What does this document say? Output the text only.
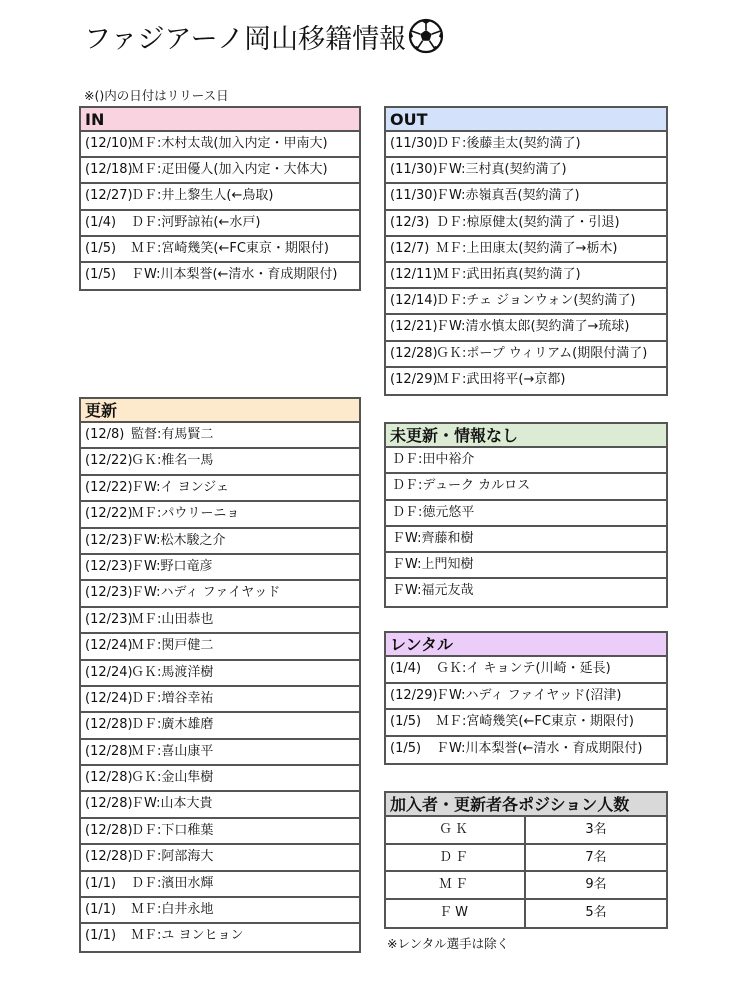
ファジアーノ岡山移籍情報
※()内の日付はリリース日
IN
(12/10)ＭＦ:木村太哉(加入内定・甲南大)
(12/18)ＭＦ:疋田優人(加入内定・大体大)
(12/27)ＤＦ:井上黎生人(←鳥取)
(1/4) ＤＦ:河野諒祐(←水戸)
(1/5) ＭＦ:宮崎幾笑(←FC東京・期限付)
(1/5) ＦW:川本梨誉(←清水・育成期限付)
OUT
(11/30)ＤＦ:後藤圭太(契約満了)
(11/30)ＦW:三村真(契約満了)
(11/30)ＦW:赤嶺真吾(契約満了)
(12/3) ＤＦ:椋原健太(契約満了・引退)
(12/7) ＭＦ:上田康太(契約満了→栃木)
(12/11)ＭＦ:武田拓真(契約満了)
(12/14)ＤＦ:チェ ジョンウォン(契約満了)
(12/21)ＦW:清水慎太郎(契約満了→琉球)
(12/28)ＧＫ:ポープ ウィリアム(期限付満了)
(12/29)ＭＦ:武田将平(→京都)
更新
(12/8) 監督:有馬賢二
(12/22)ＧＫ:椎名一馬
(12/22)ＦW:イ ヨンジェ
(12/22)ＭＦ:パウリーニョ
(12/23)ＦW:松木駿之介
(12/23)ＦW:野口竜彦
(12/23)ＦW:ハディ ファイヤッド
(12/23)ＭＦ:山田恭也
(12/24)ＭＦ:関戸健二
(12/24)ＧＫ:馬渡洋樹
(12/24)ＤＦ:増谷幸祐
(12/28)ＤＦ:廣木雄磨
(12/28)ＭＦ:喜山康平
(12/28)ＧＫ:金山隼樹
(12/28)ＦW:山本大貴
(12/28)ＤＦ:下口稚葉
(12/28)ＤＦ:阿部海大
(1/1) ＤＦ:濱田水輝
(1/1) ＭＦ:白井永地
(1/1) ＭＦ:ユ ヨンヒョン
未更新・情報なし
ＤＦ:田中裕介
ＤＦ:デューク カルロス
ＤＦ:徳元悠平
ＦW:齊藤和樹
ＦW:上門知樹
ＦW:福元友哉
レンタル
(1/4) ＧＫ:イ キョンテ(川崎・延長)
(12/29)ＦW:ハディ ファイヤッド(沼津)
(1/5) ＭＦ:宮崎幾笑(←FC東京・期限付)
(1/5) ＦW:川本梨誉(←清水・育成期限付)
加入者・更新者各ポジション人数
ＧＫ	3名
ＤＦ	7名
ＭＦ	9名
ＦW	5名
※レンタル選手は除く
